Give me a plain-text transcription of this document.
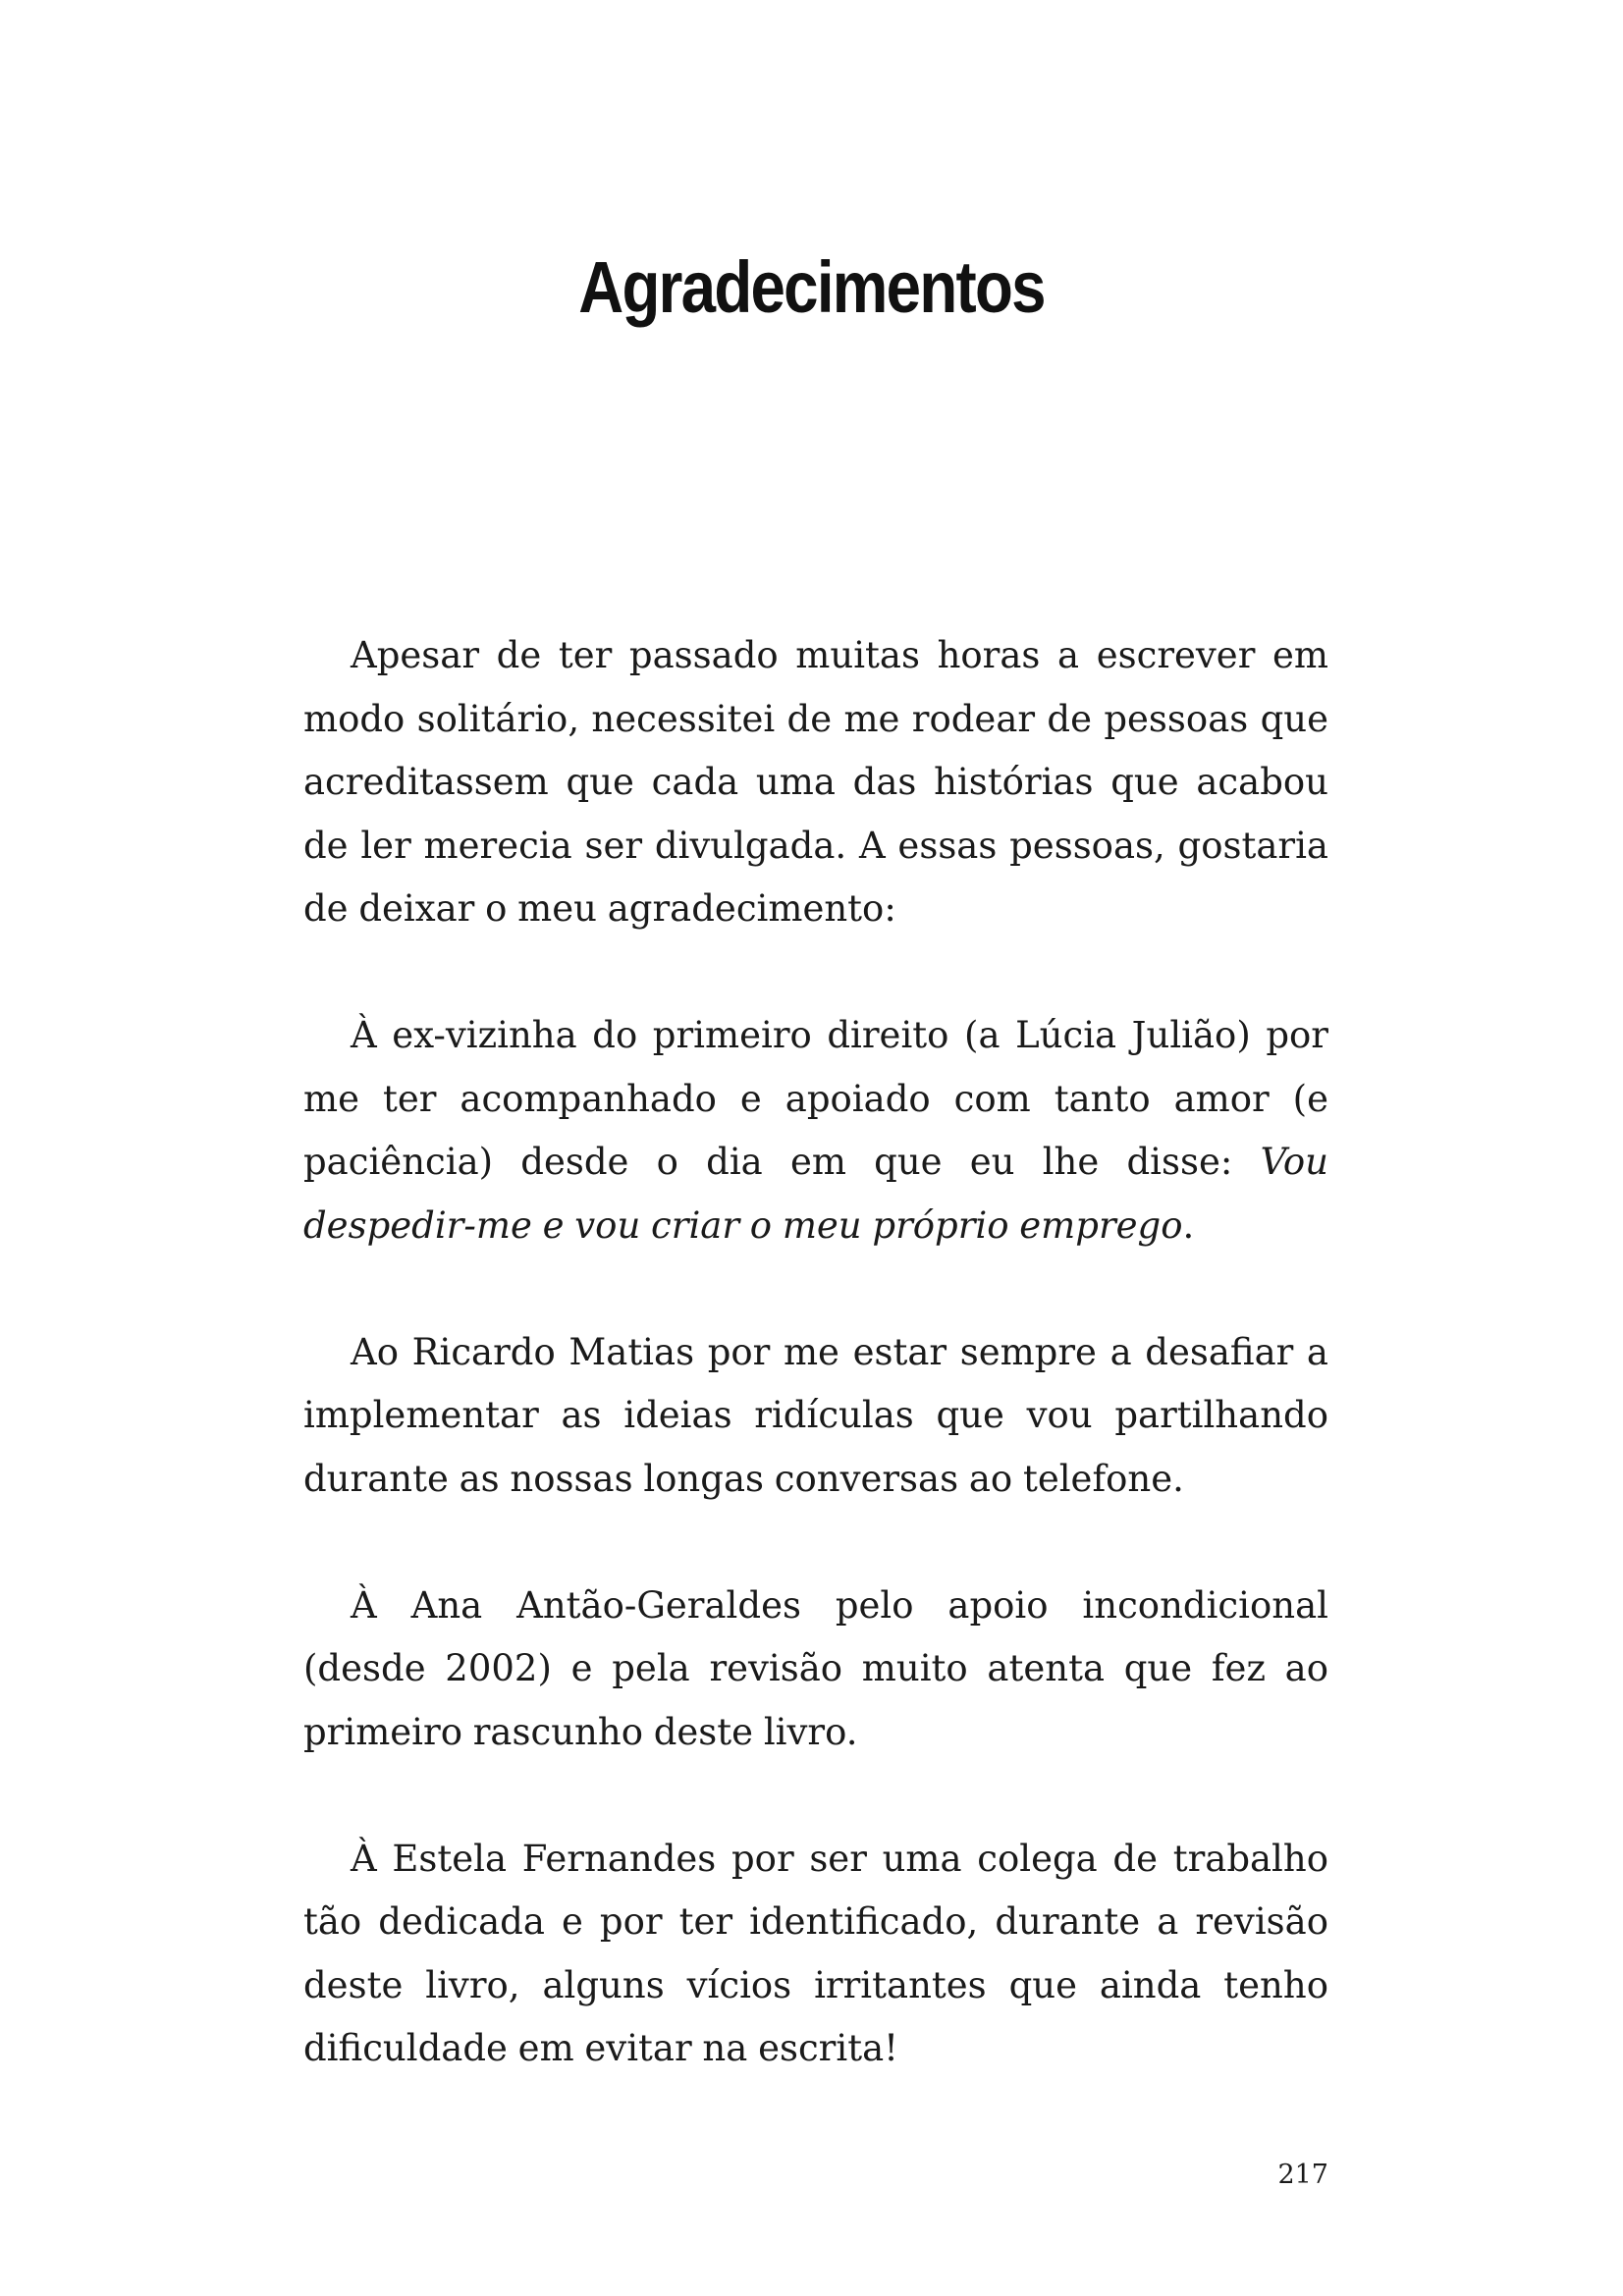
Agradecimentos

Apesar de ter passado muitas horas a escrever em modo solitário, necessitei de me rodear de pessoas que acreditassem que cada uma das histórias que acabou de ler merecia ser divulgada. A essas pessoas, gostaria de deixar o meu agradecimento:

À ex-vizinha do primeiro direito (a Lúcia Julião) por me ter acompanhado e apoiado com tanto amor (e paciência) desde o dia em que eu lhe disse: Vou despedir-me e vou criar o meu próprio emprego.

Ao Ricardo Matias por me estar sempre a desafiar a implementar as ideias ridículas que vou partilhando durante as nossas longas conversas ao telefone.

À Ana Antão-Geraldes pelo apoio incondicional (desde 2002) e pela revisão muito atenta que fez ao primeiro rascunho deste livro.

À Estela Fernandes por ser uma colega de trabalho tão dedicada e por ter identificado, durante a revisão deste livro, alguns vícios irritantes que ainda tenho dificuldade em evitar na escrita!

217
